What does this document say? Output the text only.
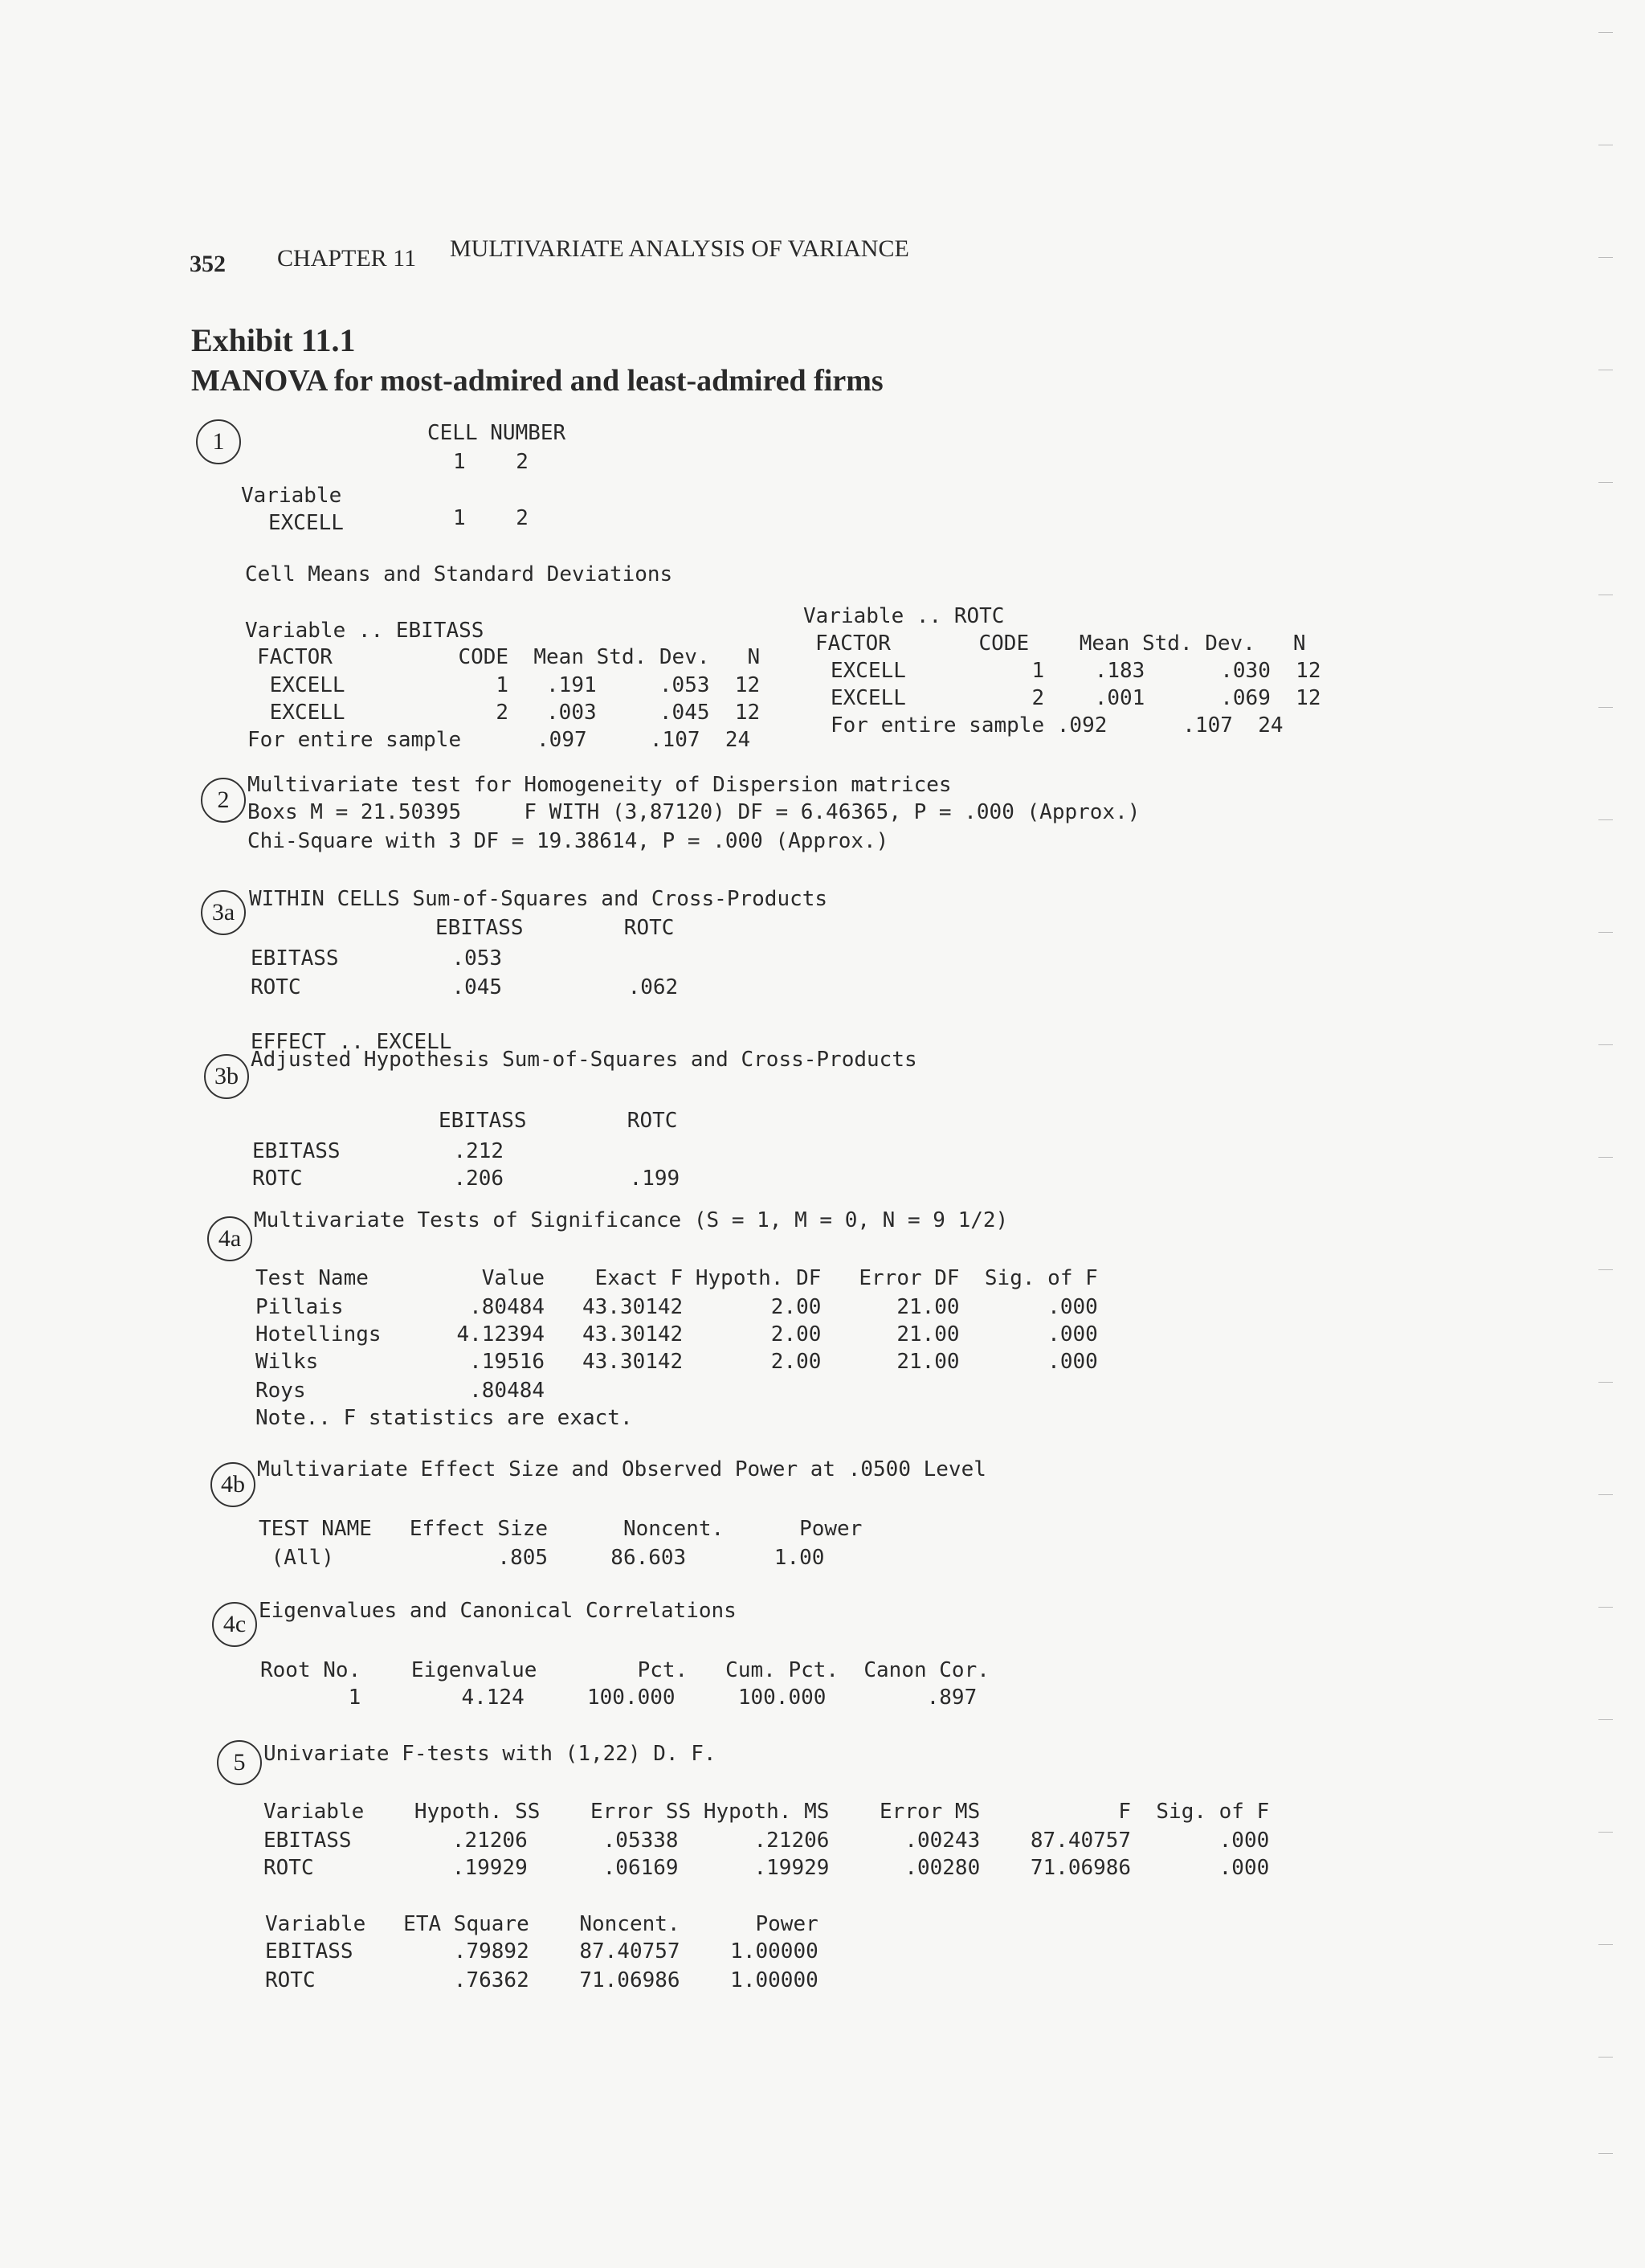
352 CHAPTER 11 MULTIVARIATE ANALYSIS OF VARIANCE
Exhibit 11.1
MANOVA for most-admired and least-admired firms
1	CELL NUMBER
1    2
Variable
EXCELL	1    2
Cell Means and Standard Deviations
Variable .. EBITASS
FACTOR          CODE  Mean Std. Dev.   N
EXCELL            1   .191     .053  12
EXCELL            2   .003     .045  12
For entire sample      .097     .107  24
Variable .. ROTC
FACTOR       CODE    Mean Std. Dev.   N
EXCELL          1    .183      .030  12
EXCELL          2    .001      .069  12
For entire sample .092      .107  24
2
Multivariate test for Homogeneity of Dispersion matrices
Boxs M = 21.50395     F WITH (3,87120) DF = 6.46365, P = .000 (Approx.)
Chi-Square with 3 DF = 19.38614, P = .000 (Approx.)
3a WITHIN CELLS Sum-of-Squares and Cross-Products
EBITASS        ROTC
EBITASS         .053
ROTC            .045          .062
EFFECT .. EXCELL
3b
Adjusted Hypothesis Sum-of-Squares and Cross-Products
EBITASS        ROTC
EBITASS         .212
ROTC            .206          .199
4a
Multivariate Tests of Significance (S = 1, M = 0, N = 9 1/2)
Test Name         Value    Exact F Hypoth. DF   Error DF  Sig. of F
Pillais          .80484   43.30142       2.00      21.00       .000
Hotellings      4.12394   43.30142       2.00      21.00       .000
Wilks            .19516   43.30142       2.00      21.00       .000
Roys             .80484
Note.. F statistics are exact.
4b
Multivariate Effect Size and Observed Power at .0500 Level
TEST NAME   Effect Size      Noncent.      Power
(All)             .805     86.603       1.00
4c Eigenvalues and Canonical Correlations
Root No.    Eigenvalue        Pct.   Cum. Pct.  Canon Cor.
1        4.124     100.000     100.000        .897
5 Univariate F-tests with (1,22) D. F.
Variable    Hypoth. SS    Error SS Hypoth. MS    Error MS           F  Sig. of F
EBITASS        .21206      .05338      .21206      .00243    87.40757       .000
ROTC           .19929      .06169      .19929      .00280    71.06986       .000
Variable   ETA Square    Noncent.      Power
EBITASS        .79892    87.40757    1.00000
ROTC           .76362    71.06986    1.00000
